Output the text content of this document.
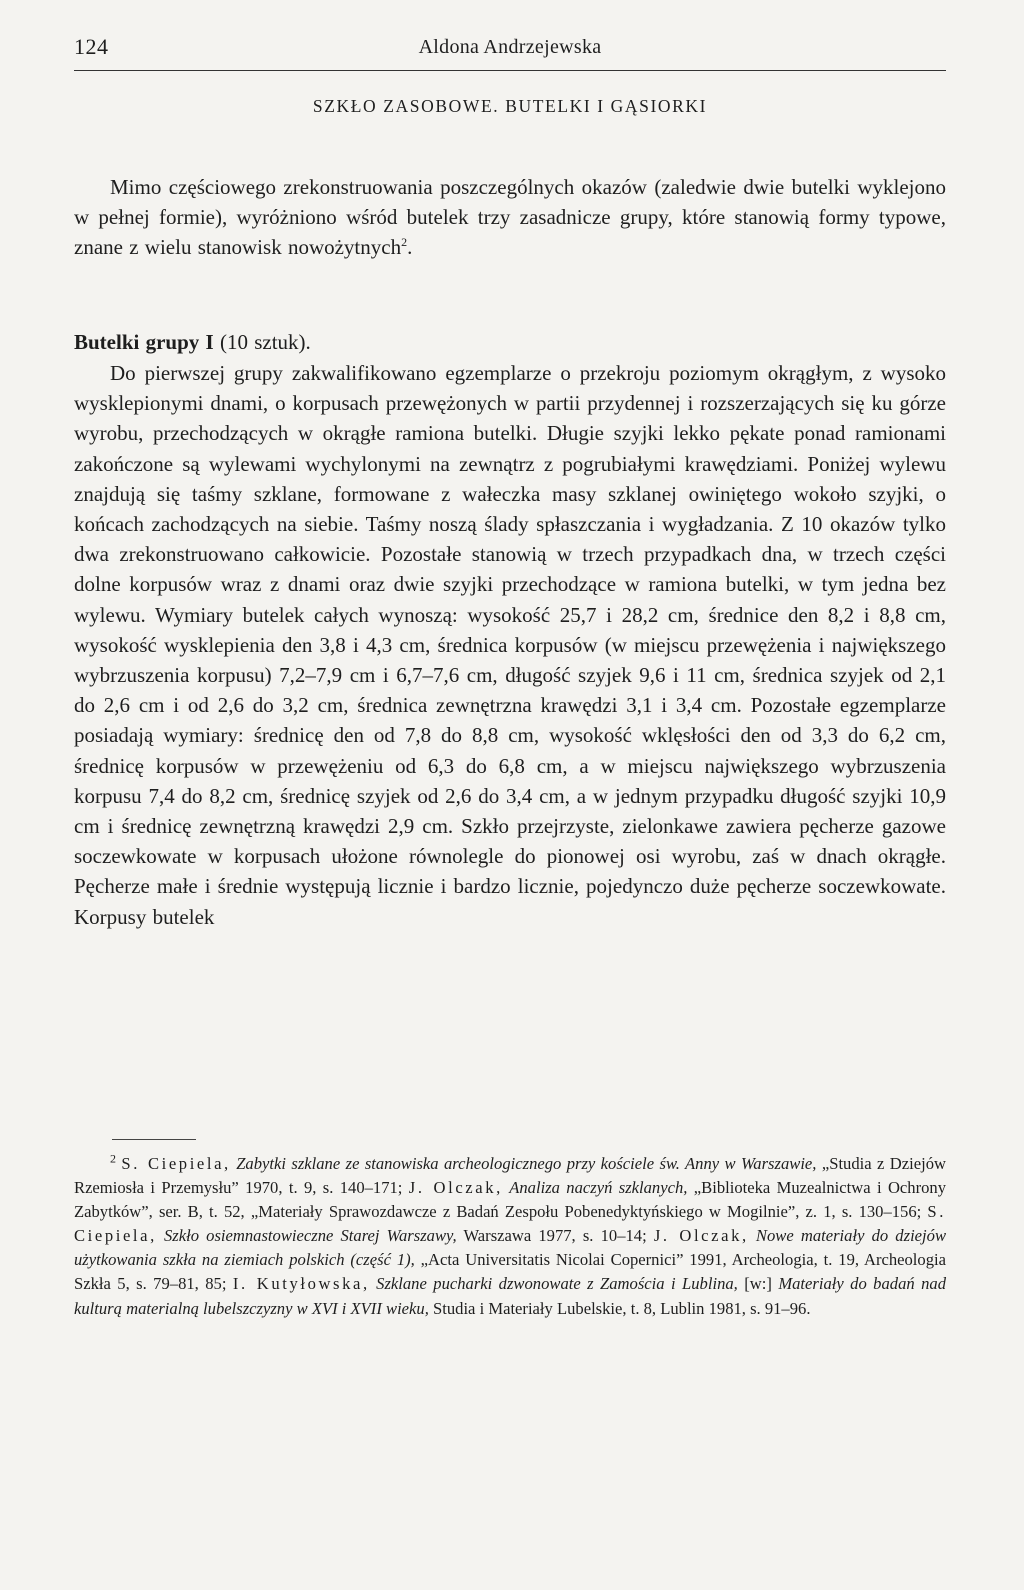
124	Aldona Andrzejewska
SZKŁO ZASOBOWE. BUTELKI I GĄSIORKI

Mimo częściowego zrekonstruowania poszczególnych okazów (zaledwie dwie butelki wyklejono w pełnej formie), wyróżniono wśród butelek trzy zasadnicze grupy, które stanowią formy typowe, znane z wielu stanowisk nowożytnych$^2$.

Butelki grupy I (10 sztuk).

Do pierwszej grupy zakwalifikowano egzemplarze o przekroju poziomym okrągłym, z wysoko wysklepionymi dnami, o korpusach przewężonych w partii przydennej i rozszerzających się ku górze wyrobu, przechodzących w okrągłe ramiona butelki. Długie szyjki lekko pękate ponad ramionami zakończone są wylewami wychylonymi na zewnątrz z pogrubiałymi krawędziami. Poniżej wylewu znajdują się taśmy szklane, formowane z wałeczka masy szklanej owiniętego wokoło szyjki, o końcach zachodzących na siebie. Taśmy noszą ślady spłaszczania i wygładzania. Z 10 okazów tylko dwa zrekonstruowano całkowicie. Pozostałe stanowią w trzech przypadkach dna, w trzech części dolne korpusów wraz z dnami oraz dwie szyjki przechodzące w ramiona butelki, w tym jedna bez wylewu. Wymiary butelek całych wynoszą: wysokość 25,7 i 28,2 cm, średnice den 8,2 i 8,8 cm, wysokość wysklepienia den 3,8 i 4,3 cm, średnica korpusów (w miejscu przewężenia i największego wybrzuszenia korpusu) 7,2–7,9 cm i 6,7–7,6 cm, długość szyjek 9,6 i 11 cm, średnica szyjek od 2,1 do 2,6 cm i od 2,6 do 3,2 cm, średnica zewnętrzna krawędzi 3,1 i 3,4 cm. Pozostałe egzemplarze posiadają wymiary: średnicę den od 7,8 do 8,8 cm, wysokość wklęsłości den od 3,3 do 6,2 cm, średnicę korpusów w przewężeniu od 6,3 do 6,8 cm, a w miejscu największego wybrzuszenia korpusu 7,4 do 8,2 cm, średnicę szyjek od 2,6 do 3,4 cm, a w jednym przypadku długość szyjki 10,9 cm i średnicę zewnętrzną krawędzi 2,9 cm. Szkło przejrzyste, zielonkawe zawiera pęcherze gazowe soczewkowate w korpusach ułożone równolegle do pionowej osi wyrobu, zaś w dnach okrągłe. Pęcherze małe i średnie występują licznie i bardzo licznie, pojedynczo duże pęcherze soczewkowate. Korpusy butelek

$^2$ S. Ciepiela, Zabytki szklane ze stanowiska archeologicznego przy kościele św. Anny w Warszawie, „Studia z Dziejów Rzemiosła i Przemysłu” 1970, t. 9, s. 140–171; J. Olczak, Analiza naczyń szklanych, „Biblioteka Muzealnictwa i Ochrony Zabytków”, ser. B, t. 52, „Materiały Sprawozdawcze z Badań Zespołu Pobenedyktyńskiego w Mogilnie”, z. 1, s. 130–156; S. Ciepiela, Szkło osiemnastowieczne Starej Warszawy, Warszawa 1977, s. 10–14; J. Olczak, Nowe materiały do dziejów użytkowania szkła na ziemiach polskich (część 1), „Acta Universitatis Nicolai Copernici” 1991, Archeologia, t. 19, Archeologia Szkła 5, s. 79–81, 85; I. Kutyłowska, Szklane pucharki dzwonowate z Zamościa i Lublina, [w:] Materiały do badań nad kulturą materialną lubelszczyzny w XVI i XVII wieku, Studia i Materiały Lubelskie, t. 8, Lublin 1981, s. 91–96.
